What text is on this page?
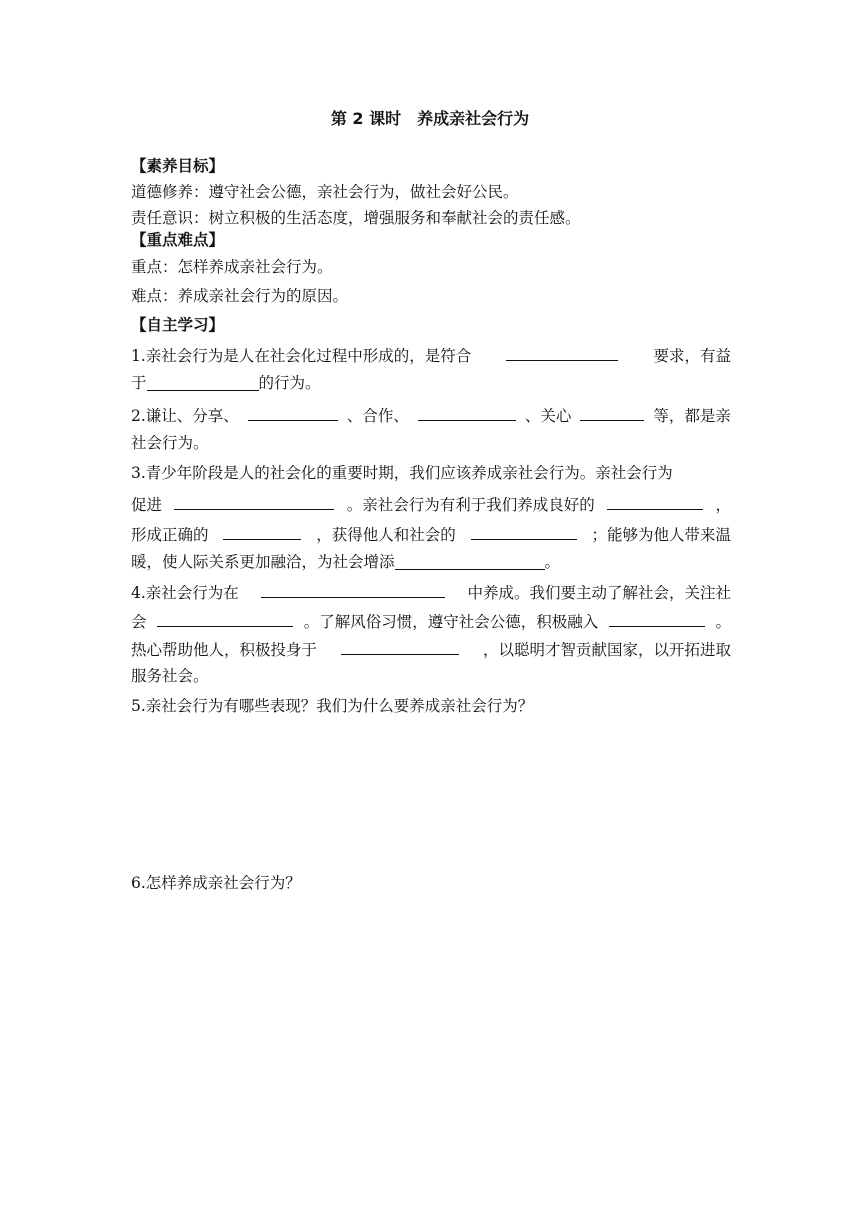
第 2 课时　养成亲社会行为
【素养目标】
道德修养：遵守社会公德，亲社会行为，做社会好公民。
责任意识：树立积极的生活态度，增强服务和奉献社会的责任感。
【重点难点】
重点：怎样养成亲社会行为。
难点：养成亲社会行为的原因。
【自主学习】
1.亲社会行为是人在社会化过程中形成的，是符合	要求，有益
于	的行为。
2.谦让、分享、	、合作、	、关心	等，都是亲
社会行为。
3.青少年阶段是人的社会化的重要时期，我们应该养成亲社会行为。亲社会行为
促进	。亲社会行为有利于我们养成良好的	，
形成正确的	，获得他人和社会的	；能够为他人带来温
暖，使人际关系更加融洽，为社会增添	。
4.亲社会行为在	中养成。我们要主动了解社会，关注社
会	。了解风俗习惯，遵守社会公德，积极融入	。
热心帮助他人，积极投身于	，以聪明才智贡献国家，以开拓进取
服务社会。
5.亲社会行为有哪些表现？我们为什么要养成亲社会行为？
6.怎样养成亲社会行为？
